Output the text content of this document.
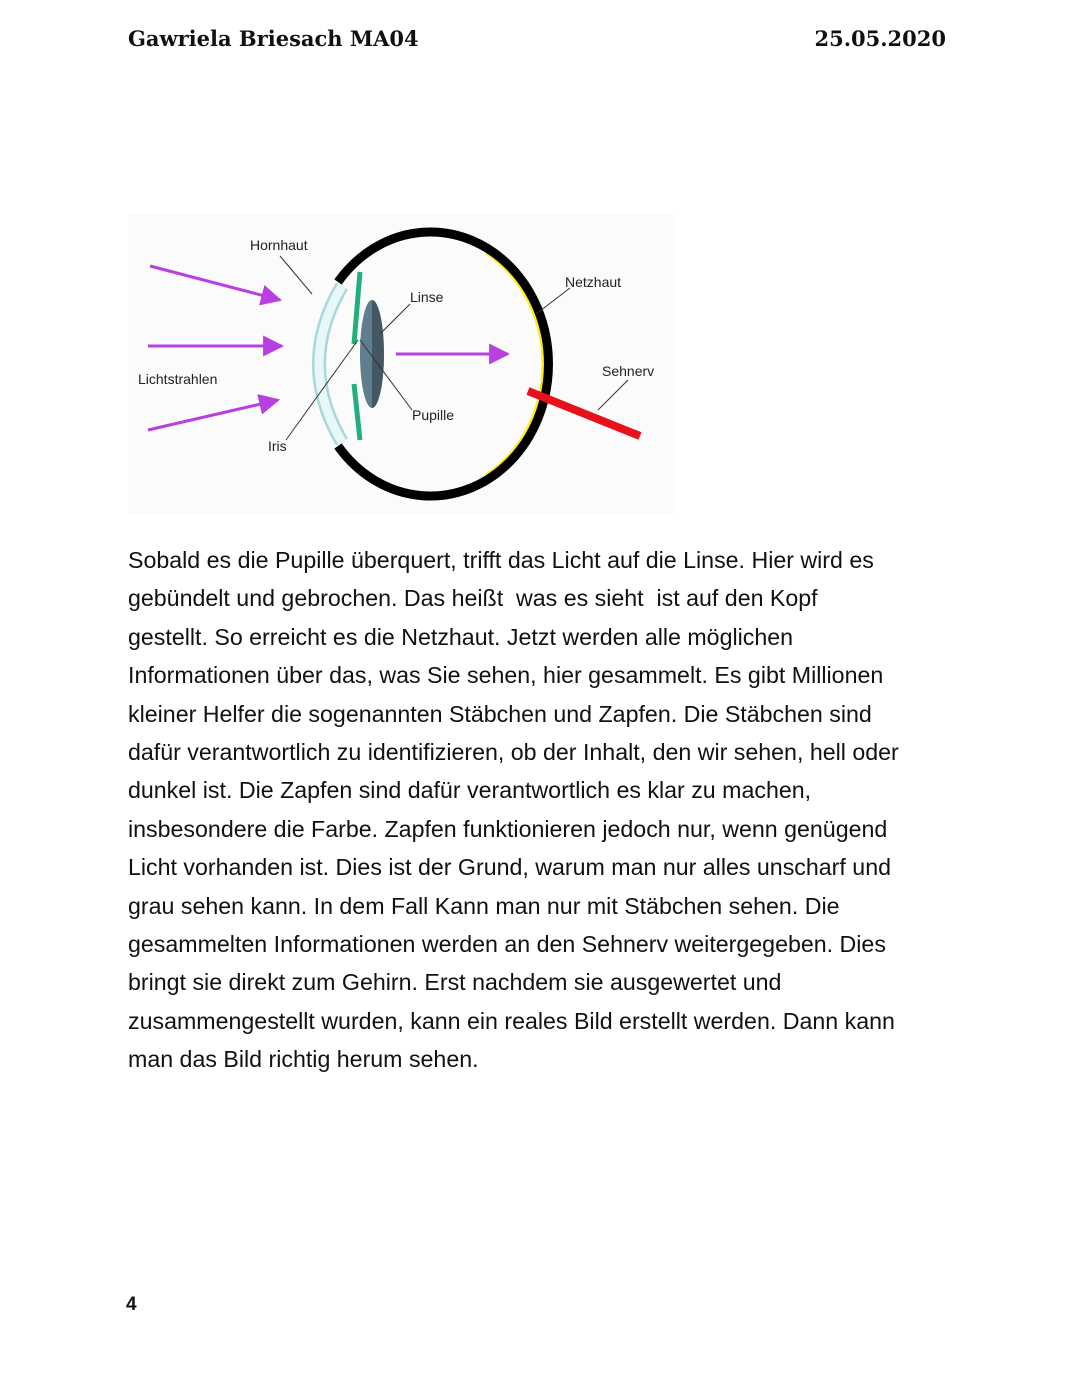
Gawriela Briesach MA04	25.05.2020
Hornhaut
Linse
Netzhaut
Sehnerv
Lichtstrahlen
Pupille
Iris
Sobald es die Pupille überquert, trifft das Licht auf die Linse. Hier wird es
gebündelt und gebrochen. Das heißt  was es sieht  ist auf den Kopf
gestellt. So erreicht es die Netzhaut. Jetzt werden alle möglichen
Informationen über das, was Sie sehen, hier gesammelt. Es gibt Millionen
kleiner Helfer die sogenannten Stäbchen und Zapfen. Die Stäbchen sind
dafür verantwortlich zu identifizieren, ob der Inhalt, den wir sehen, hell oder
dunkel ist. Die Zapfen sind dafür verantwortlich es klar zu machen,
insbesondere die Farbe. Zapfen funktionieren jedoch nur, wenn genügend
Licht vorhanden ist. Dies ist der Grund, warum man nur alles unscharf und
grau sehen kann. In dem Fall Kann man nur mit Stäbchen sehen. Die
gesammelten Informationen werden an den Sehnerv weitergegeben. Dies
bringt sie direkt zum Gehirn. Erst nachdem sie ausgewertet und
zusammengestellt wurden, kann ein reales Bild erstellt werden. Dann kann
man das Bild richtig herum sehen.
4
